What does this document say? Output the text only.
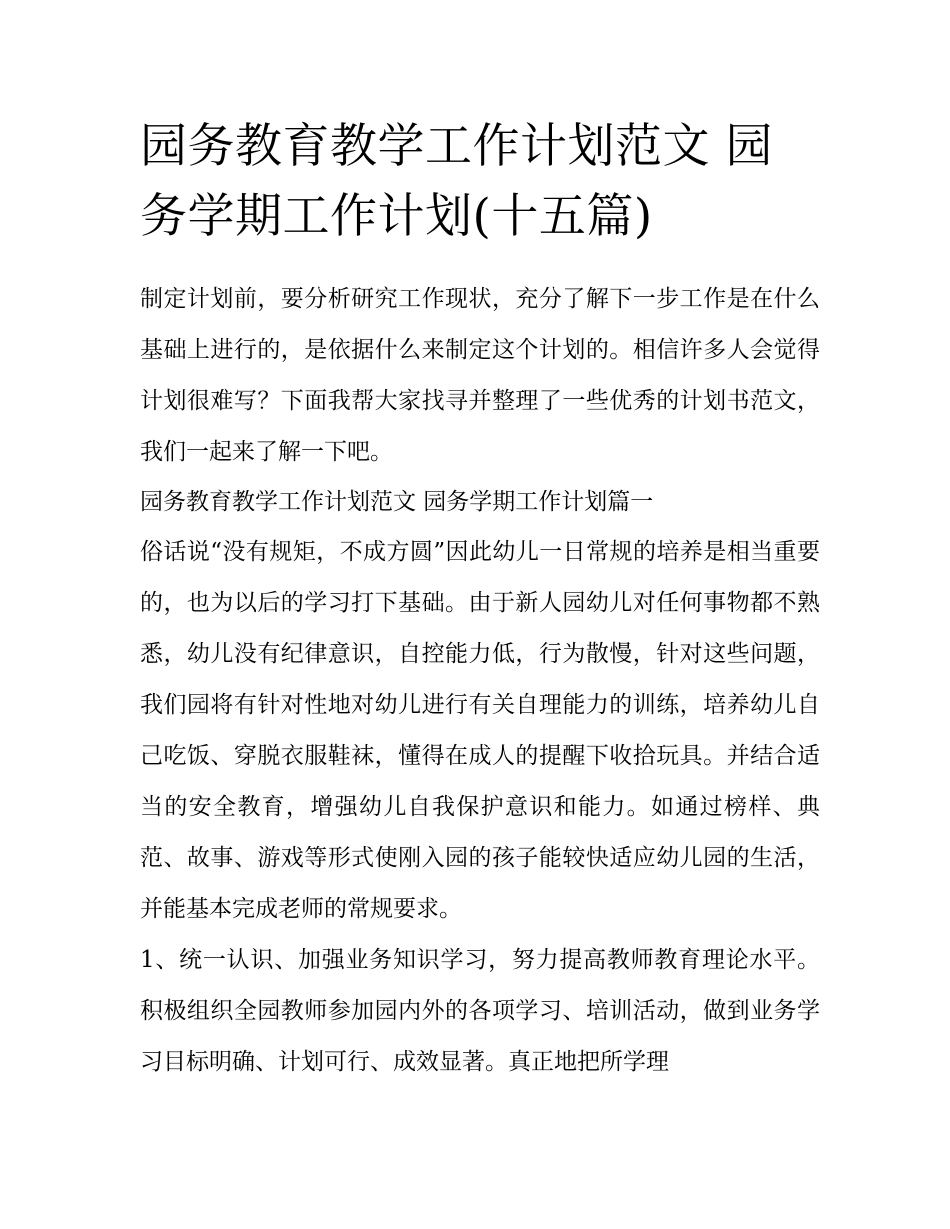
园务教育教学工作计划范文 园务学期工作计划(十五篇)

制定计划前，要分析研究工作现状，充分了解下一步工作是在什么基础上进行的，是依据什么来制定这个计划的。相信许多人会觉得计划很难写？下面我帮大家找寻并整理了一些优秀的计划书范文，我们一起来了解一下吧。

园务教育教学工作计划范文 园务学期工作计划篇一

俗话说“没有规矩，不成方圆”因此幼儿一日常规的培养是相当重要的，也为以后的学习打下基础。由于新人园幼儿对任何事物都不熟悉，幼儿没有纪律意识，自控能力低，行为散慢，针对这些问题，我们园将有针对性地对幼儿进行有关自理能力的训练，培养幼儿自己吃饭、穿脱衣服鞋袜，懂得在成人的提醒下收拾玩具。并结合适当的安全教育，增强幼儿自我保护意识和能力。如通过榜样、典范、故事、游戏等形式使刚入园的孩子能较快适应幼儿园的生活，并能基本完成老师的常规要求。

1、统一认识、加强业务知识学习，努力提高教师教育理论水平。积极组织全园教师参加园内外的各项学习、培训活动，做到业务学习目标明确、计划可行、成效显著。真正地把所学理
